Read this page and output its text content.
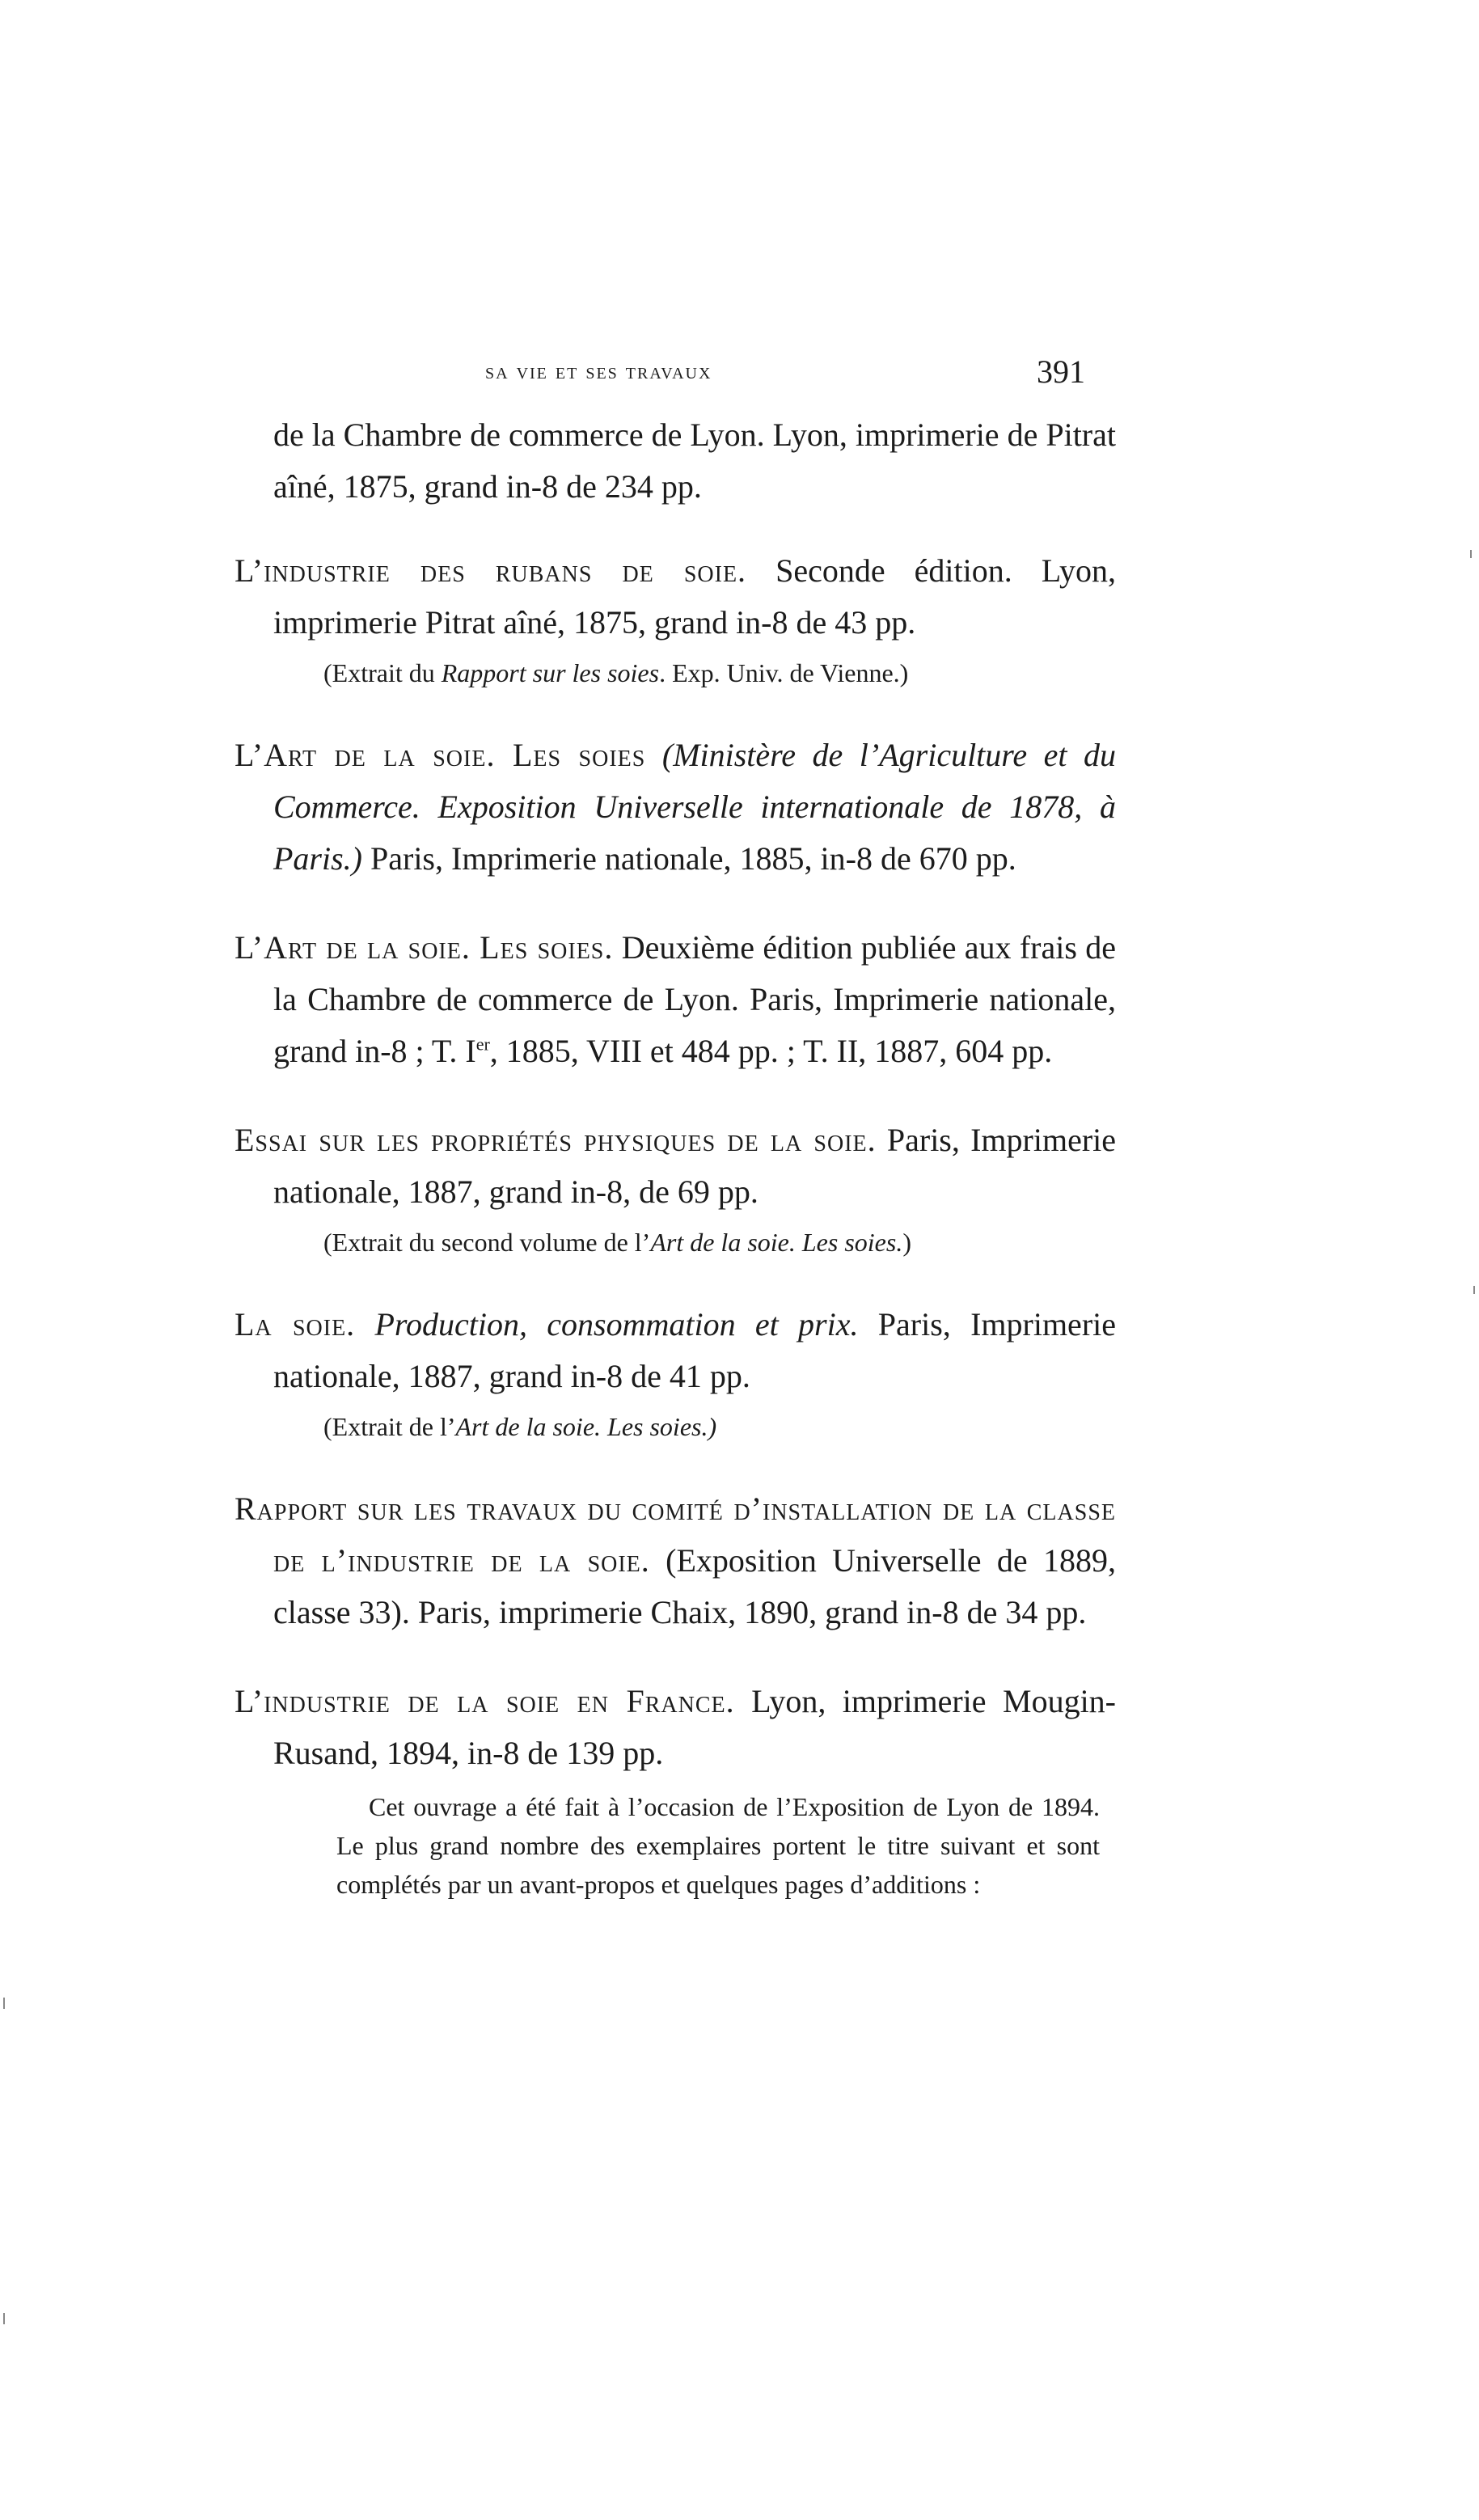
sa vie et ses travaux	391

de la Chambre de commerce de Lyon. Lyon, imprimerie de Pitrat aîné, 1875, grand in-8 de 234 pp.

L’industrie des rubans de soie. Seconde édition. Lyon, imprimerie Pitrat aîné, 1875, grand in-8 de 43 pp.

(Extrait du Rapport sur les soies. Exp. Univ. de Vienne.)

L’Art de la soie. Les soies (Ministère de l’Agriculture et du Commerce. Exposition Universelle internationale de 1878, à Paris.) Paris, Imprimerie nationale, 1885, in-8 de 670 pp.

L’Art de la soie. Les soies. Deuxième édition publiée aux frais de la Chambre de commerce de Lyon. Paris, Imprimerie nationale, grand in-8 ; T. Ier, 1885, VIII et 484 pp. ; T. II, 1887, 604 pp.

Essai sur les propriétés physiques de la soie. Paris, Imprimerie nationale, 1887, grand in-8, de 69 pp.

(Extrait du second volume de l’Art de la soie. Les soies.)

La soie. Production, consommation et prix. Paris, Imprimerie nationale, 1887, grand in-8 de 41 pp.

(Extrait de l’Art de la soie. Les soies.)

Rapport sur les travaux du comité d’installation de la classe de l’industrie de la soie. (Exposition Universelle de 1889, classe 33). Paris, imprimerie Chaix, 1890, grand in-8 de 34 pp.

L’industrie de la soie en France. Lyon, imprimerie Mougin-Rusand, 1894, in-8 de 139 pp.

Cet ouvrage a été fait à l’occasion de l’Exposition de Lyon de 1894. Le plus grand nombre des exemplaires portent le titre suivant et sont complétés par un avant-propos et quelques pages d’additions :
